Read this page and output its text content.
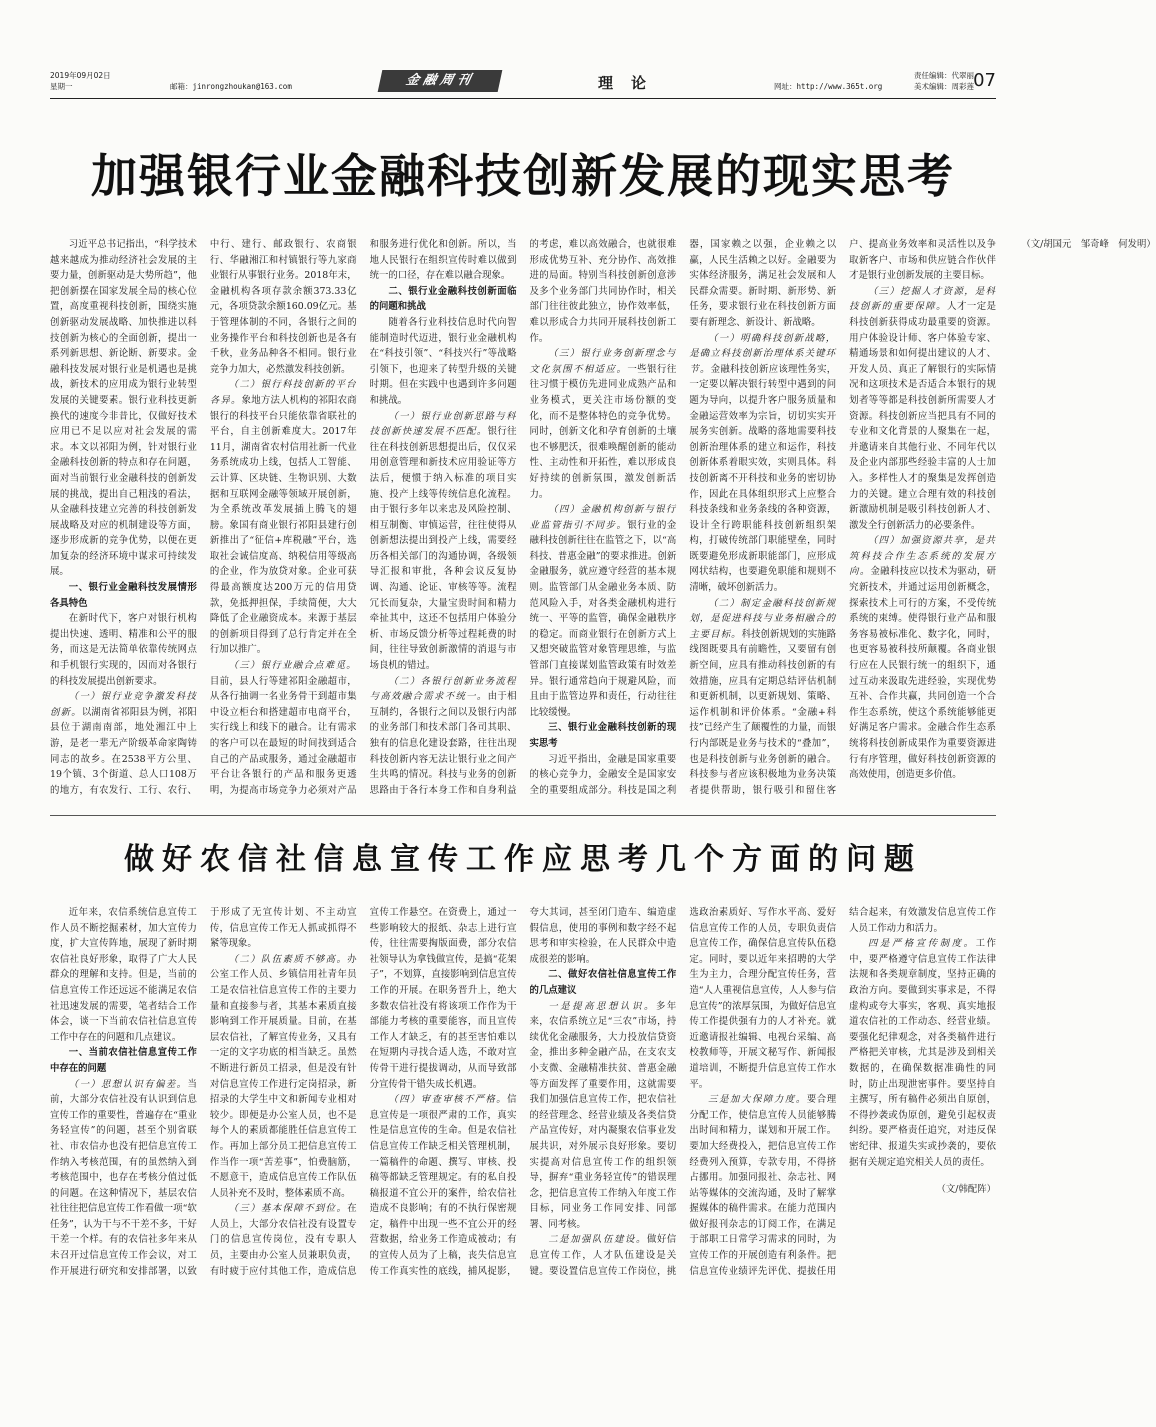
2019年09月02日
星期一	邮箱：jinrongzhoukan@163.com	金融周刊	理论	网址：http://www.365t.org
责任编辑：代翠丽
美术编辑：周彩莲 07
加强银行业金融科技创新发展的现实思考

习近平总书记指出，“科学技术越来越成为推动经济社会发展的主要力量，创新驱动是大势所趋”，他把创新摆在国家发展全局的核心位置，高度重视科技创新，围绕实施创新驱动发展战略、加快推进以科技创新为核心的全面创新，提出一系列新思想、新论断、新要求。金融科技发展对银行业是机遇也是挑战，新技术的应用成为银行业转型发展的关键要素。银行业科技更新换代的速度今非昔比，仅做好技术应用已不足以应对社会发展的需求。本文以祁阳为例，针对银行业金融科技创新的特点和存在问题，面对当前银行业金融科技的创新发展的挑战，提出自己粗浅的看法，从金融科技建立完善的科技创新发展战略及对应的机制建设等方面，逐步形成新的竞争优势，以便在更加复杂的经济环境中谋求可持续发展。

一、银行业金融科技发展情形各具特色

在新时代下，客户对银行机构提出快速、透明、精准和公平的服务，而这是无法简单依靠传统网点和手机银行实现的，因而对各银行的科技发展提出创新要求。

（一）银行业竞争激发科技创新。以湖南省祁阳县为例，祁阳县位于湖南南部，地处湘江中上游，是老一辈无产阶级革命家陶铸同志的故乡。在2538平方公里、19个镇、3个街道、总人口108万的地方，有农发行、工行、农行、中行、建行、邮政银行、农商银行、华融湘江和村镇银行等九家商业银行从事银行业务。2018年末，金融机构各项存款余额373.33亿元，各项贷款余额160.09亿元。基于管理体制的不同，各银行之间的业务操作平台和科技创新也是各有千秋，业务品种各不相同。银行业竞争力加大，必然激发科技创新。

（二）银行科技创新的平台各异。象地方法人机构的祁阳农商银行的科技平台只能依靠省联社的平台，自主创新难度大。2017年11月，湖南省农村信用社新一代业务系统成功上线，包括人工智能、云计算、区块链、生物识别、大数据和互联网金融等领域开展创新，为全系统改革发展插上腾飞的翅膀。象国有商业银行祁阳县建行创新推出了“征信+库税融”平台，选取社会诚信度高、纳税信用等级高的企业，作为放贷对象。企业可获得最高额度达200万元的信用贷款，免抵押担保，手续简便，大大降低了企业融资成本。来源于基层的创新项目得到了总行肯定并在全行加以推广。

（三）银行业融合点难觅。目前，县人行等建祁阳金融超市，从各行抽调一名业务骨干到超市集中设立柜台和搭建超市电商平台，实行线上和线下的融合。让有需求的客户可以在最短的时间找到适合自己的产品或服务，通过金融超市平台让各银行的产品和服务更透明，为提高市场竞争力必须对产品和服务进行优化和创新。所以，当地人民银行在组织宣传时难以做到统一的口径，存在难以融合现象。

二、银行业金融科技创新面临的问题和挑战

随着各行业科技信息时代向智能制造时代迈进，银行业金融机构在“科技引领”、“科技兴行”等战略引领下，也迎来了转型升级的关键时期。但在实践中也遇到许多问题和挑战。

（一）银行业创新思路与科技创新快速发展不匹配。银行往往在科技创新思想提出后，仅仅采用创意管理和新技术应用验证等方法后，便惯于纳入标准的项目实施、投产上线等传统信息化流程。由于银行多年以来忠及风险控制、相互制衡、审慎运营，往往使得从创新想法提出到投产上线，需要经历各相关部门的沟通协调，各级领导汇报和审批，各种会议反复协调、沟通、论证、审核等等。流程冗长而复杂，大量宝贵时间和精力牵扯其中，这还不包括用户体验分析、市场反馈分析等过程耗费的时间，往往导致创新激情的消退与市场良机的错过。

（二）各银行创新业务流程与高效融合需求不统一。由于相互制约，各银行之间以及银行内部的业务部门和技术部门各司其职、独有的信息化建设套路，往往出现科技创新内容无法让银行业之间产生共鸣的情况。科技与业务的创新思路由于各行本身工作和自身利益的考虑，难以高效融合，也就很难形成优势互补、充分协作、高效推进的局面。特别当科技创新创意涉及多个业务部门共同协作时，相关部门往往彼此独立，协作效率低，难以形成合力共同开展科技创新工作。

（三）银行业务创新理念与文化氛围不相适应。一些银行往往习惯于模仿先进同业成熟产品和业务模式，更关注市场份额的变化，而不是整体特色的竞争优势。同时，创新文化和孕育创新的土壤也不够肥沃，很难唤醒创新的能动性、主动性和开拓性，难以形成良好持续的创新氛围，激发创新活力。

（四）金融机构创新与银行业监管指引不同步。银行业的金融科技创新往往在监管之下，以“高科技、普惠金融”的要求推进。创新金融服务，就应遵守经营的基本规则。监管部门从金融业务本质、防范风险入手，对各类金融机构进行统一、平等的监管，确保金融秩序的稳定。而商业银行在创新方式上又想突破监管对象管理思维，与监管部门直接谋划监管政策有时效差异。银行通常趋向于规避风险，而且由于监管边界和责任，行动往往比较缓慢。

三、银行业金融科技创新的现实思考

习近平指出，金融是国家重要的核心竞争力，金融安全是国家安全的重要组成部分。科技是国之利器，国家赖之以强，企业赖之以赢，人民生活赖之以好。金融要为实体经济服务，满足社会发展和人民群众需要。新时期、新形势、新任务，要求银行业在科技创新方面要有新理念、新设计、新战略。

（一）明确科技创新战略，是确立科技创新治理体系关键环节。金融科技创新应该理性务实，一定要以解决银行转型中遇到的问题为导向，以提升客户服务质量和金融运营效率为宗旨，切切实实开展务实创新。战略的落地需要科技创新治理体系的建立和运作，科技创新体系着眼实效，实则具体。科技创新离不开科技和业务的密切协作，因此在具体组织形式上应整合科技条线和业务条线的各种资源，设计全行跨职能科技创新组织架构，打破传统部门职能壁垒，同时既要避免形成新职能部门，应形成网状结构，也要避免职能和规则不清晰，破坏创新活力。

（二）制定金融科技创新规划，是促进科技与业务相融合的主要目标。科技创新规划的实施路线图既要具有前瞻性，又要留有创新空间，应具有推动科技创新的有效措施，应具有定期总结评估机制和更新机制，以更新规划、策略、运作机制和评价体系。“金融+科技”已经产生了颠覆性的力量，而银行内部既是业务与技术的“叠加”，也是科技创新与业务创新的融合。科技参与者应该积极地为业务决策者提供帮助，银行吸引和留住客户、提高业务效率和灵活性以及争取新客户、市场和供应链合作伙伴才是银行业创新发展的主要目标。

（三）挖掘人才资源，是科技创新的重要保障。人才一定是科技创新获得成功最重要的资源。用户体验设计师、客户体验专家、精通场景和如何提出建议的人才、开发人员、真正了解银行的实际情况和这项技术是否适合本银行的规划者等等都是科技创新所需要人才资源。科技创新应当把具有不同的专业和文化背景的人聚集在一起，并邀请来自其他行业、不同年代以及企业内部那些经验丰富的人士加入。多样性人才的聚集是发挥创造力的关键。建立合理有效的科技创新激励机制是吸引科技创新人才、激发全行创新活力的必要条件。

（四）加强资源共享，是共筑科技合作生态系统的发展方向。金融科技应以技术为驱动，研究新技术，并通过运用创新概念，探索技术上可行的方案，不受传统系统的束缚。使得银行业产品和服务容易被标准化、数字化，同时，也更容易被科技所颠覆。各商业银行应在人民银行统一的组织下，通过互动来汲取先进经验，实现优势互补、合作共赢，共同创造一个合作生态系统，使这个系统能够能更好满足客户需求。金融合作生态系统将科技创新成果作为重要资源进行有序管理，做好科技创新资源的高效使用，创造更多价值。

（文/胡国元　邹奇峰　何发明）
做好农信社信息宣传工作应思考几个方面的问题

近年来，农信系统信息宣传工作人员不断挖掘素材，加大宣传力度，扩大宣传阵地，展现了新时期农信社良好形象，取得了广大人民群众的理解和支持。但是，当前的信息宣传工作还远远不能满足农信社迅速发展的需要，笔者结合工作体会，谈一下当前农信社信息宣传工作中存在的问题和几点建议。

一、当前农信社信息宣传工作中存在的问题

（一）思想认识有偏差。当前，大部分农信社没有认识到信息宣传工作的重要性，普遍存在“重业务轻宣传”的问题，甚至个别省联社、市农信办也没有把信息宣传工作纳入考核范围，有的虽然纳入到考核范围中，也存在考核分值过低的问题。在这种情况下，基层农信社往往把信息宣传工作看做一项“软任务”，认为干与不干差不多，干好干差一个样。有的农信社多年来从未召开过信息宣传工作会议，对工作开展进行研究和安排部署，以致于形成了无宣传计划、不主动宣传，信息宣传工作无人抓或抓得不紧等现象。

（二）队伍素质不够高。办公室工作人员、乡镇信用社青年员工是农信社信息宣传工作的主要力量和直接参与者，其基本素质直接影响到工作开展质量。目前，在基层农信社，了解宣传业务，又具有一定的文字功底的相当缺乏。虽然不断进行新员工招录，但是没有针对信息宣传工作进行定岗招录，新招录的大学生中文和新闻专业相对较少。即便是办公室人员，也不是每个人的素质都能胜任信息宣传工作。再加上部分员工把信息宣传工作当作一项“苦差事”，怕费脑筋，不愿意干，造成信息宣传工作队伍人员补充不及时，整体素质不高。

（三）基本保障不到位。在人员上，大部分农信社没有设置专门的信息宣传岗位，没有专职人员，主要由办公室人员兼职负责，有时疲于应付其他工作，造成信息宣传工作悬空。在资费上，通过一些影响较大的报纸、杂志上进行宣传，往往需要掏版面费，部分农信社领导认为拿钱做宣传，是搞“花架子”，不划算，直接影响到信息宣传工作的开展。在职务晋升上，绝大多数农信社没有将该项工作作为干部能力考核的重要能容，而且宣传工作人才缺乏，有的甚至害怕难以在短期内寻找合适人选，不敢对宣传骨干进行提拔调动，从而导致部分宣传骨干错失成长机遇。

（四）审查审核不严格。信息宣传是一项很严肃的工作，真实性是信息宣传的生命。但是农信社信息宣传工作缺乏相关管理机制，一篇稿件的命题、撰写、审核、投稿等都缺乏管理规定。有的私自投稿报道不宜公开的案件，给农信社造成不良影响；有的不执行保密规定，稿件中出现一些不宜公开的经营数据，给业务工作造成被动；有的宣传人员为了上稿，丧失信息宣传工作真实性的底线，捕风捉影，夸大其词，甚至闭门造车、编造虚假信息，使用的事例和数字经不起思考和审实检验，在人民群众中造成很差的影响。

二、做好农信社信息宣传工作的几点建议

一是提高思想认识。多年来，农信系统立足“三农”市场，持续优化金融服务，大力投放信贷资金，推出多种金融产品，在支农支小支微、金融精准扶贫、普惠金融等方面发挥了重要作用，这就需要我们加强信息宣传工作，把农信社的经营理念、经营业绩及各类信贷产品宣传好，对内凝聚农信事业发展共识，对外展示良好形象。要切实提高对信息宣传工作的组织领导，摒弃“重业务轻宣传”的错误理念，把信息宣传工作纳入年度工作目标，同业务工作同安排、同部署、同考核。

二是加强队伍建设。做好信息宣传工作，人才队伍建设是关键。要设置信息宣传工作岗位，挑选政治素质好、写作水平高、爱好信息宣传工作的人员，专职负责信息宣传工作，确保信息宣传队伍稳定。同时，要以近年来招聘的大学生为主力，合理分配宣传任务，营造“人人重视信息宣传，人人参与信息宣传”的浓厚氛围，为做好信息宣传工作提供强有力的人才补充。就近邀请报社编辑、电视台采编、高校教师等，开展文秘写作、新闻报道培训，不断提升信息宣传工作水平。

三是加大保障力度。要合理分配工作，使信息宣传人员能够腾出时间和精力，谋划和开展工作。要加大经费投入，把信息宣传工作经费列入预算，专款专用，不得挤占挪用。加强同报社、杂志社、网站等媒体的交流沟通，及时了解掌握媒体的稿件需求。在能力范围内做好报刊杂志的订阅工作，在满足于部职工日常学习需求的同时，为宣传工作的开展创造有利条件。把信息宣传业绩评先评优、提拔任用结合起来，有效激发信息宣传工作人员工作动力和活力。

四是严格宣传制度。工作中，要严格遵守信息宣传工作法律法规和各类规章制度，坚持正确的政治方向。要做到实事求是，不得虚构或夸大事实，客观、真实地报道农信社的工作动态、经营业绩。要强化纪律观念，对各类稿件进行严格把关审核，尤其是涉及到相关数据的，在确保数据准确性的同时，防止出现泄密事件。要坚持自主撰写，所有稿件必须出自原创，不得抄袭或伪原创，避免引起权责纠纷。要严格责任追究，对违反保密纪律、报道失实或抄袭的，要依据有关规定追究相关人员的责任。

（文/韩配阵）
